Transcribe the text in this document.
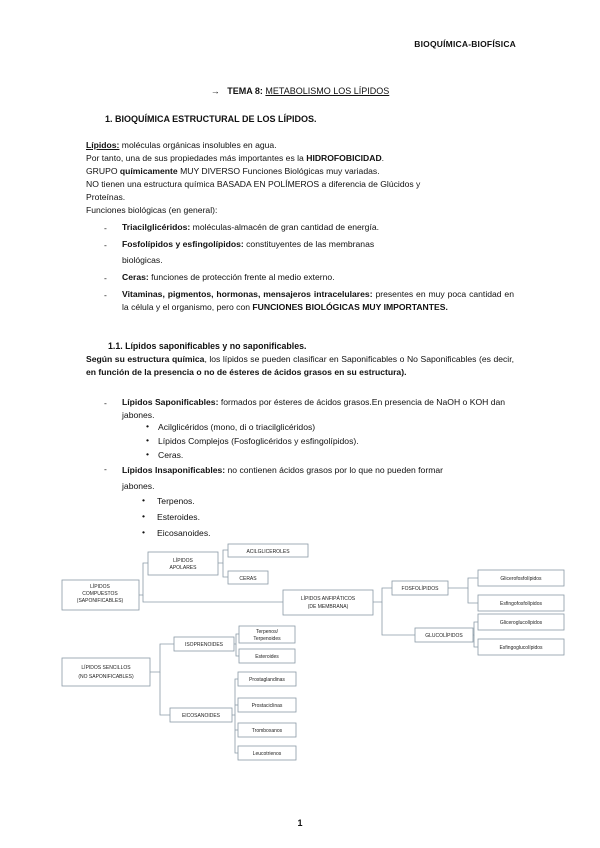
BIOQUÍMICA-BIOFÍSICA
→ TEMA 8: METABOLISMO LOS LÍPIDOS
1. BIOQUÍMICA ESTRUCTURAL DE LOS LÍPIDOS.
Lípidos: moléculas orgánicas insolubles en agua.
Por tanto, una de sus propiedades más importantes es la HIDROFOBICIDAD.
GRUPO químicamente MUY DIVERSO Funciones Biológicas muy variadas.
NO tienen una estructura química BASADA EN POLÍMEROS a diferencia de Glúcidos y
Proteínas.
Funciones biológicas (en general):
- Triacilglicéridos: moléculas-almacén de gran cantidad de energía.
- Fosfolípidos y esfingolípidos: constituyentes de las membranas
biológicas.
- Ceras: funciones de protección frente al medio externo.
- Vitaminas, pigmentos, hormonas, mensajeros intracelulares: presentes en muy poca cantidad en la célula y el organismo, pero con FUNCIONES BIOLÓGICAS MUY IMPORTANTES.
1.1. Lípidos saponificables y no saponificables.
Según su estructura química, los lípidos se pueden clasificar en Saponificables o No Saponificables (es decir, en función de la presencia o no de ésteres de ácidos grasos en su estructura).
- Lípidos Saponificables: formados por ésteres de ácidos grasos.En presencia de NaOH o KOH dan jabones.
• Acilglicéridos (mono, di o triacilglicéridos)
• Lípidos Complejos (Fosfoglicéridos y esfingolípidos).
• Ceras.
- Lípidos Insaponificables: no contienen ácidos grasos por lo que no pueden formar jabones.
• Terpenos.
• Esteroides.
• Eicosanoides.
LÍPIDOS
COMPUESTOS
(SAPONIFICABLES)
LÍPIDOS
APOLARES
ACILGLICEROLES
CERAS
LÍPIDOS ANFIPÁTICOS
(DE MEMBRANA)
FOSFOLÍPIDOS
Glicerofosfolípidos
Esfingofosfolípidos
GLUCOLÍPIDOS
Gliceroglucolípidos
Esfingoglucolípidos
LÍPIDOS SENCILLOS
(NO SAPONIFICABLES)
ISOPRENOIDES
Terpenos/
Terpenoides
Esteroides
EICOSANOIDES
Prostaglandinas
Prostaciclinas
Tromboxanos
Leucotrienos
1
